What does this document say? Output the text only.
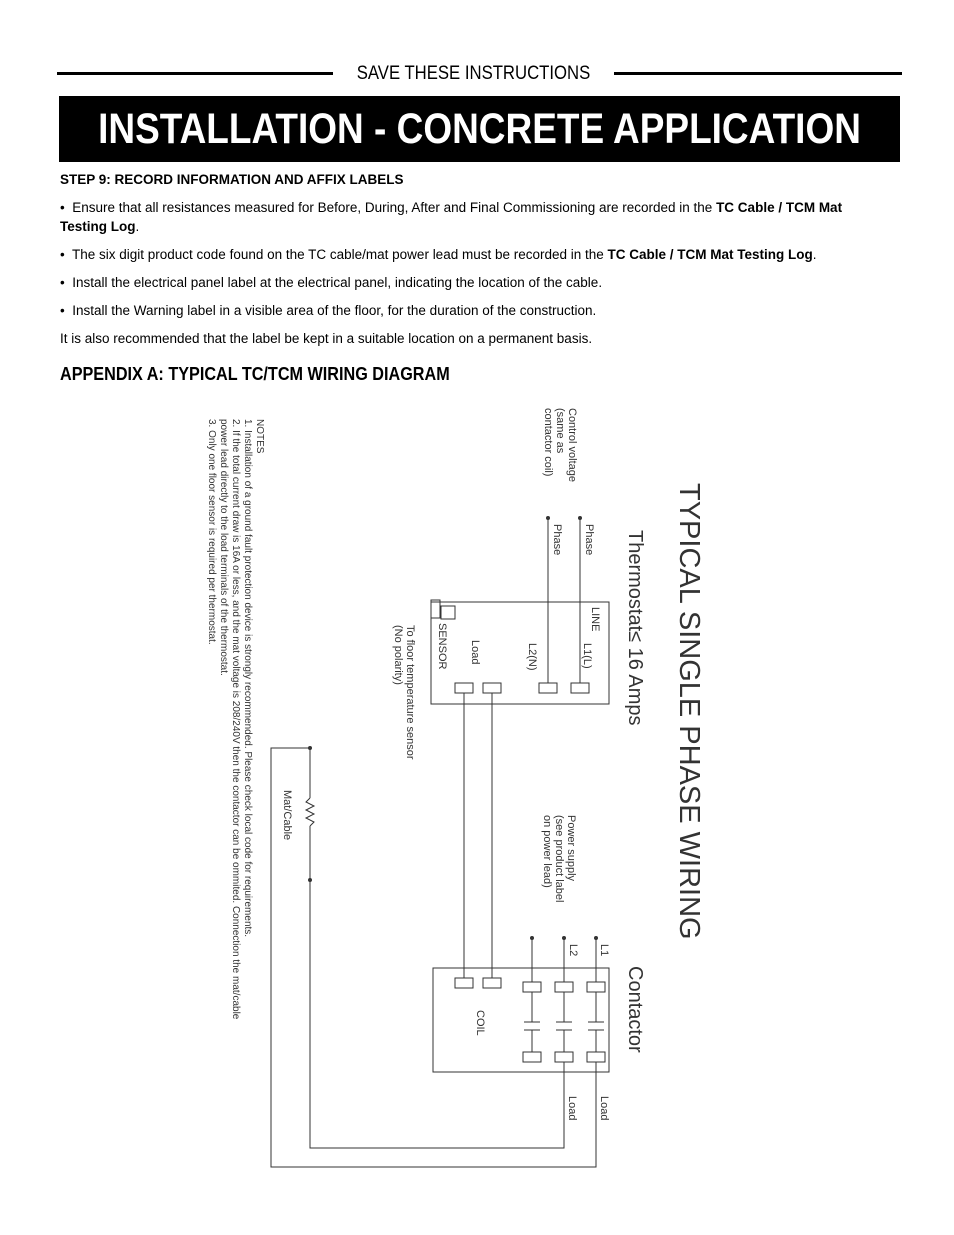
SAVE THESE INSTRUCTIONS
INSTALLATION - CONCRETE APPLICATION

STEP 9: RECORD INFORMATION AND AFFIX LABELS

•  Ensure that all resistances measured for Before, During, After and Final Commissioning are recorded in the TC Cable / TCM Mat Testing Log.

•  The six digit product code found on the TC cable/mat power lead must be recorded in the TC Cable / TCM Mat Testing Log.

•  Install the electrical panel label at the electrical panel, indicating the location of the cable.

•  Install the Warning label in a visible area of the floor, for the duration of the construction.

It is also recommended that the label be kept in a suitable location on a permanent basis.

APPENDIX A: TYPICAL TC/TCM WIRING DIAGRAM
TYPICAL SINGLE PHASE WIRING
Thermostat≤ 16 Amps
Contactor
Control voltage
(same as
contactor coil)
Phase
Phase
LINE
L1(L)
L2(N)
Load
SENSOR
To floor temperature sensor
(No polarity)
Power supply
(see product label
on power lead)
L1
L2
COIL
Load
Load
Mat/Cable
NOTES
1. Installation of a ground fault protection device is strongly recommended. Please check local code for requirements.
2. If the total current draw is 16A or less, and the mat voltage is 208/240V then the contactor can be ommited. Connection the mat/cable
power lead directly to the load terminals of the thermostat.
3. Only one floor sensor is required per thermostat.
